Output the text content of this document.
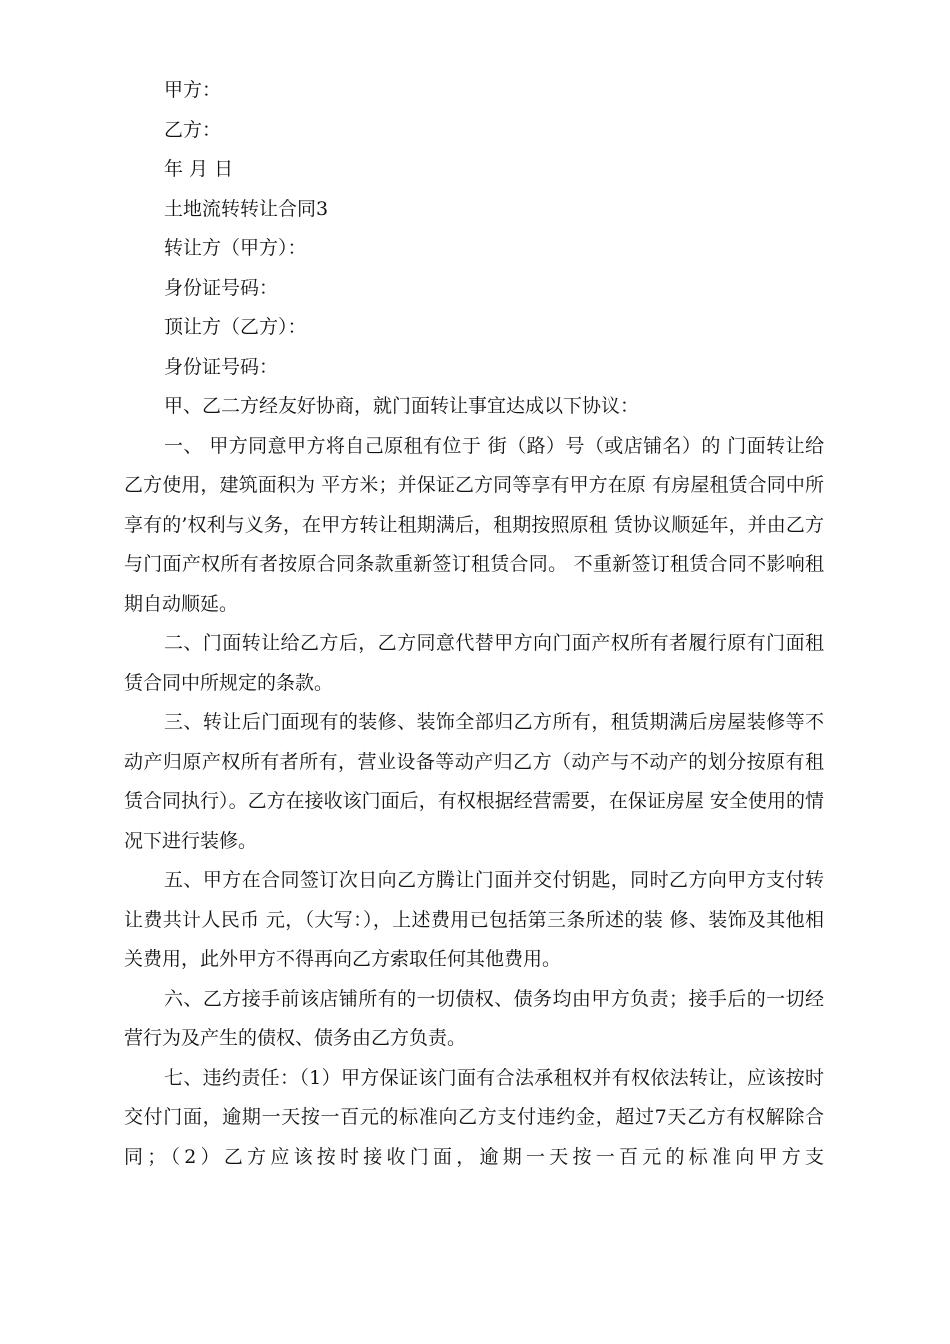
甲方：
乙方：
年 月 日
土地流转转让合同3
转让方（甲方）：
身份证号码：
顶让方（乙方）：
身份证号码：
甲、乙二方经友好协商，就门面转让事宜达成以下协议：

一、 甲方同意甲方将自己原租有位于 街（路）号（或店铺名）的 门面转让给乙方使用，建筑面积为 平方米；并保证乙方同等享有甲方在原 有房屋租赁合同中所享有的’权利与义务，在甲方转让租期满后，租期按照原租 赁协议顺延年，并由乙方与门面产权所有者按原合同条款重新签订租赁合同。 不重新签订租赁合同不影响租期自动顺延。

二、门面转让给乙方后，乙方同意代替甲方向门面产权所有者履行原有门面租赁合同中所规定的条款。

三、转让后门面现有的装修、装饰全部归乙方所有，租赁期满后房屋装修等不动产归原产权所有者所有，营业设备等动产归乙方（动产与不动产的划分按原有租赁合同执行）。乙方在接收该门面后，有权根据经营需要，在保证房屋 安全使用的情况下进行装修。

五、甲方在合同签订次日向乙方腾让门面并交付钥匙，同时乙方向甲方支付转让费共计人民币 元，（大写：），上述费用已包括第三条所述的装 修、装饰及其他相关费用，此外甲方不得再向乙方索取任何其他费用。

六、乙方接手前该店铺所有的一切债权、债务均由甲方负责；接手后的一切经营行为及产生的债权、债务由乙方负责。

七、违约责任：（1）甲方保证该门面有合法承租权并有权依法转让，应该按时交付门面，逾期一天按一百元的标准向乙方支付违约金，超过7天乙方有权解除合同；（2）乙方应该按时接收门面，逾期一天按一百元的标准向甲方支
